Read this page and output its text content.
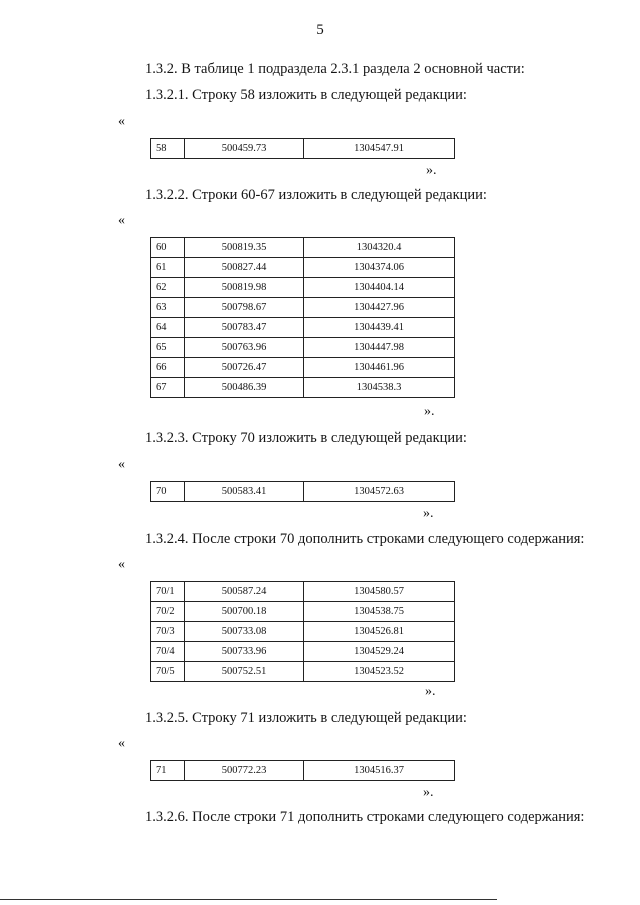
5
1.3.2. В таблице 1 подраздела 2.3.1 раздела 2 основной части:
1.3.2.1. Строку 58 изложить в следующей редакции:
«
58	500459.73	1304547.91
».
1.3.2.2. Строки 60-67 изложить в следующей редакции:
«
60	500819.35	1304320.4
61	500827.44	1304374.06
62	500819.98	1304404.14
63	500798.67	1304427.96
64	500783.47	1304439.41
65	500763.96	1304447.98
66	500726.47	1304461.96
67	500486.39	1304538.3
».
1.3.2.3. Строку 70 изложить в следующей редакции:
«
70	500583.41	1304572.63
».
1.3.2.4. После строки 70 дополнить строками следующего содержания:
«
70/1	500587.24	1304580.57
70/2	500700.18	1304538.75
70/3	500733.08	1304526.81
70/4	500733.96	1304529.24
70/5	500752.51	1304523.52
».
1.3.2.5. Строку 71 изложить в следующей редакции:
«
71	500772.23	1304516.37
».
1.3.2.6. После строки 71 дополнить строками следующего содержания:
